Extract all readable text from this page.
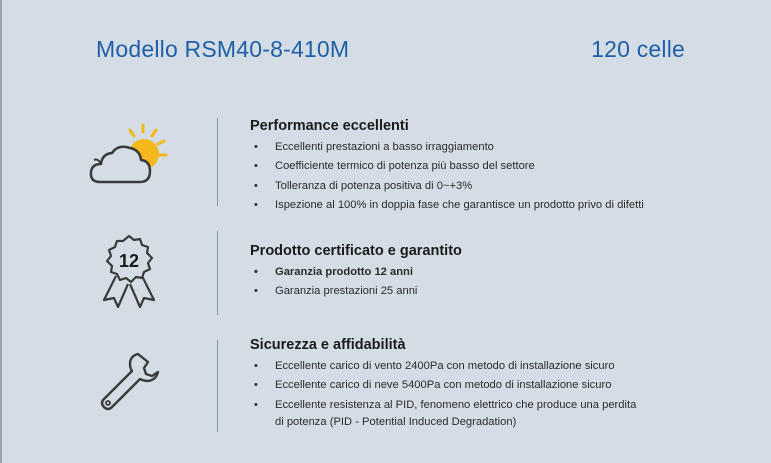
Modello RSM40-8-410M	120 celle
Performance eccellenti
• Eccellenti prestazioni a basso irraggiamento
• Coefficiente termico di potenza più basso del settore
• Tolleranza di potenza positiva di 0~+3%
• Ispezione al 100% in doppia fase che garantisce un prodotto privo di difetti
12	Prodotto certificato e garantito
• Garanzia prodotto 12 anni
• Garanzia prestazioni 25 anni
Sicurezza e affidabilità
• Eccellente carico di vento 2400Pa con metodo di installazione sicuro
• Eccellente carico di neve 5400Pa con metodo di installazione sicuro
• Eccellente resistenza al PID, fenomeno elettrico che produce una perdita
di potenza (PID - Potential Induced Degradation)
